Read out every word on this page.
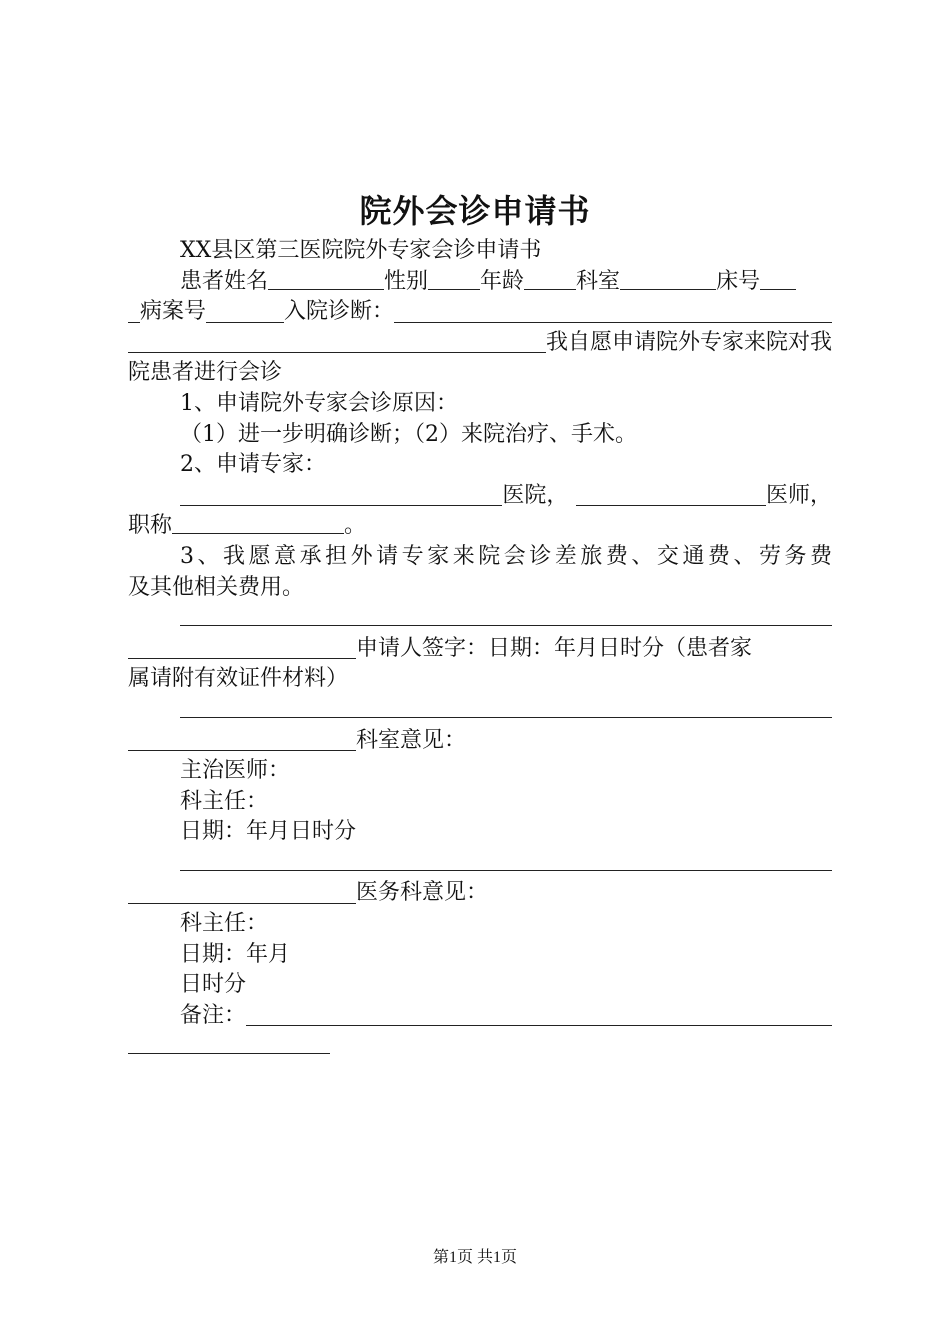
院外会诊申请书
XX县区第三医院院外专家会诊申请书
患者姓名	性别 年龄 科室	床号
病案号	入院诊断：
我自愿申请院外专家来院对我
院患者进行会诊
1、申请院外专家会诊原因：
（1）进一步明确诊断；（2）来院治疗、手术。
2、申请专家：
医院，	医师，
职称	。
3、我愿意承担外请专家来院会诊差旅费、交通费、劳务费
及其他相关费用。
申请人签字：日期：年月日时分（患者家
属请附有效证件材料）
科室意见：
主治医师：
科主任：
日期：年月日时分
医务科意见：
科主任：
日期：年月
日时分
备注：
第1页 共1页
